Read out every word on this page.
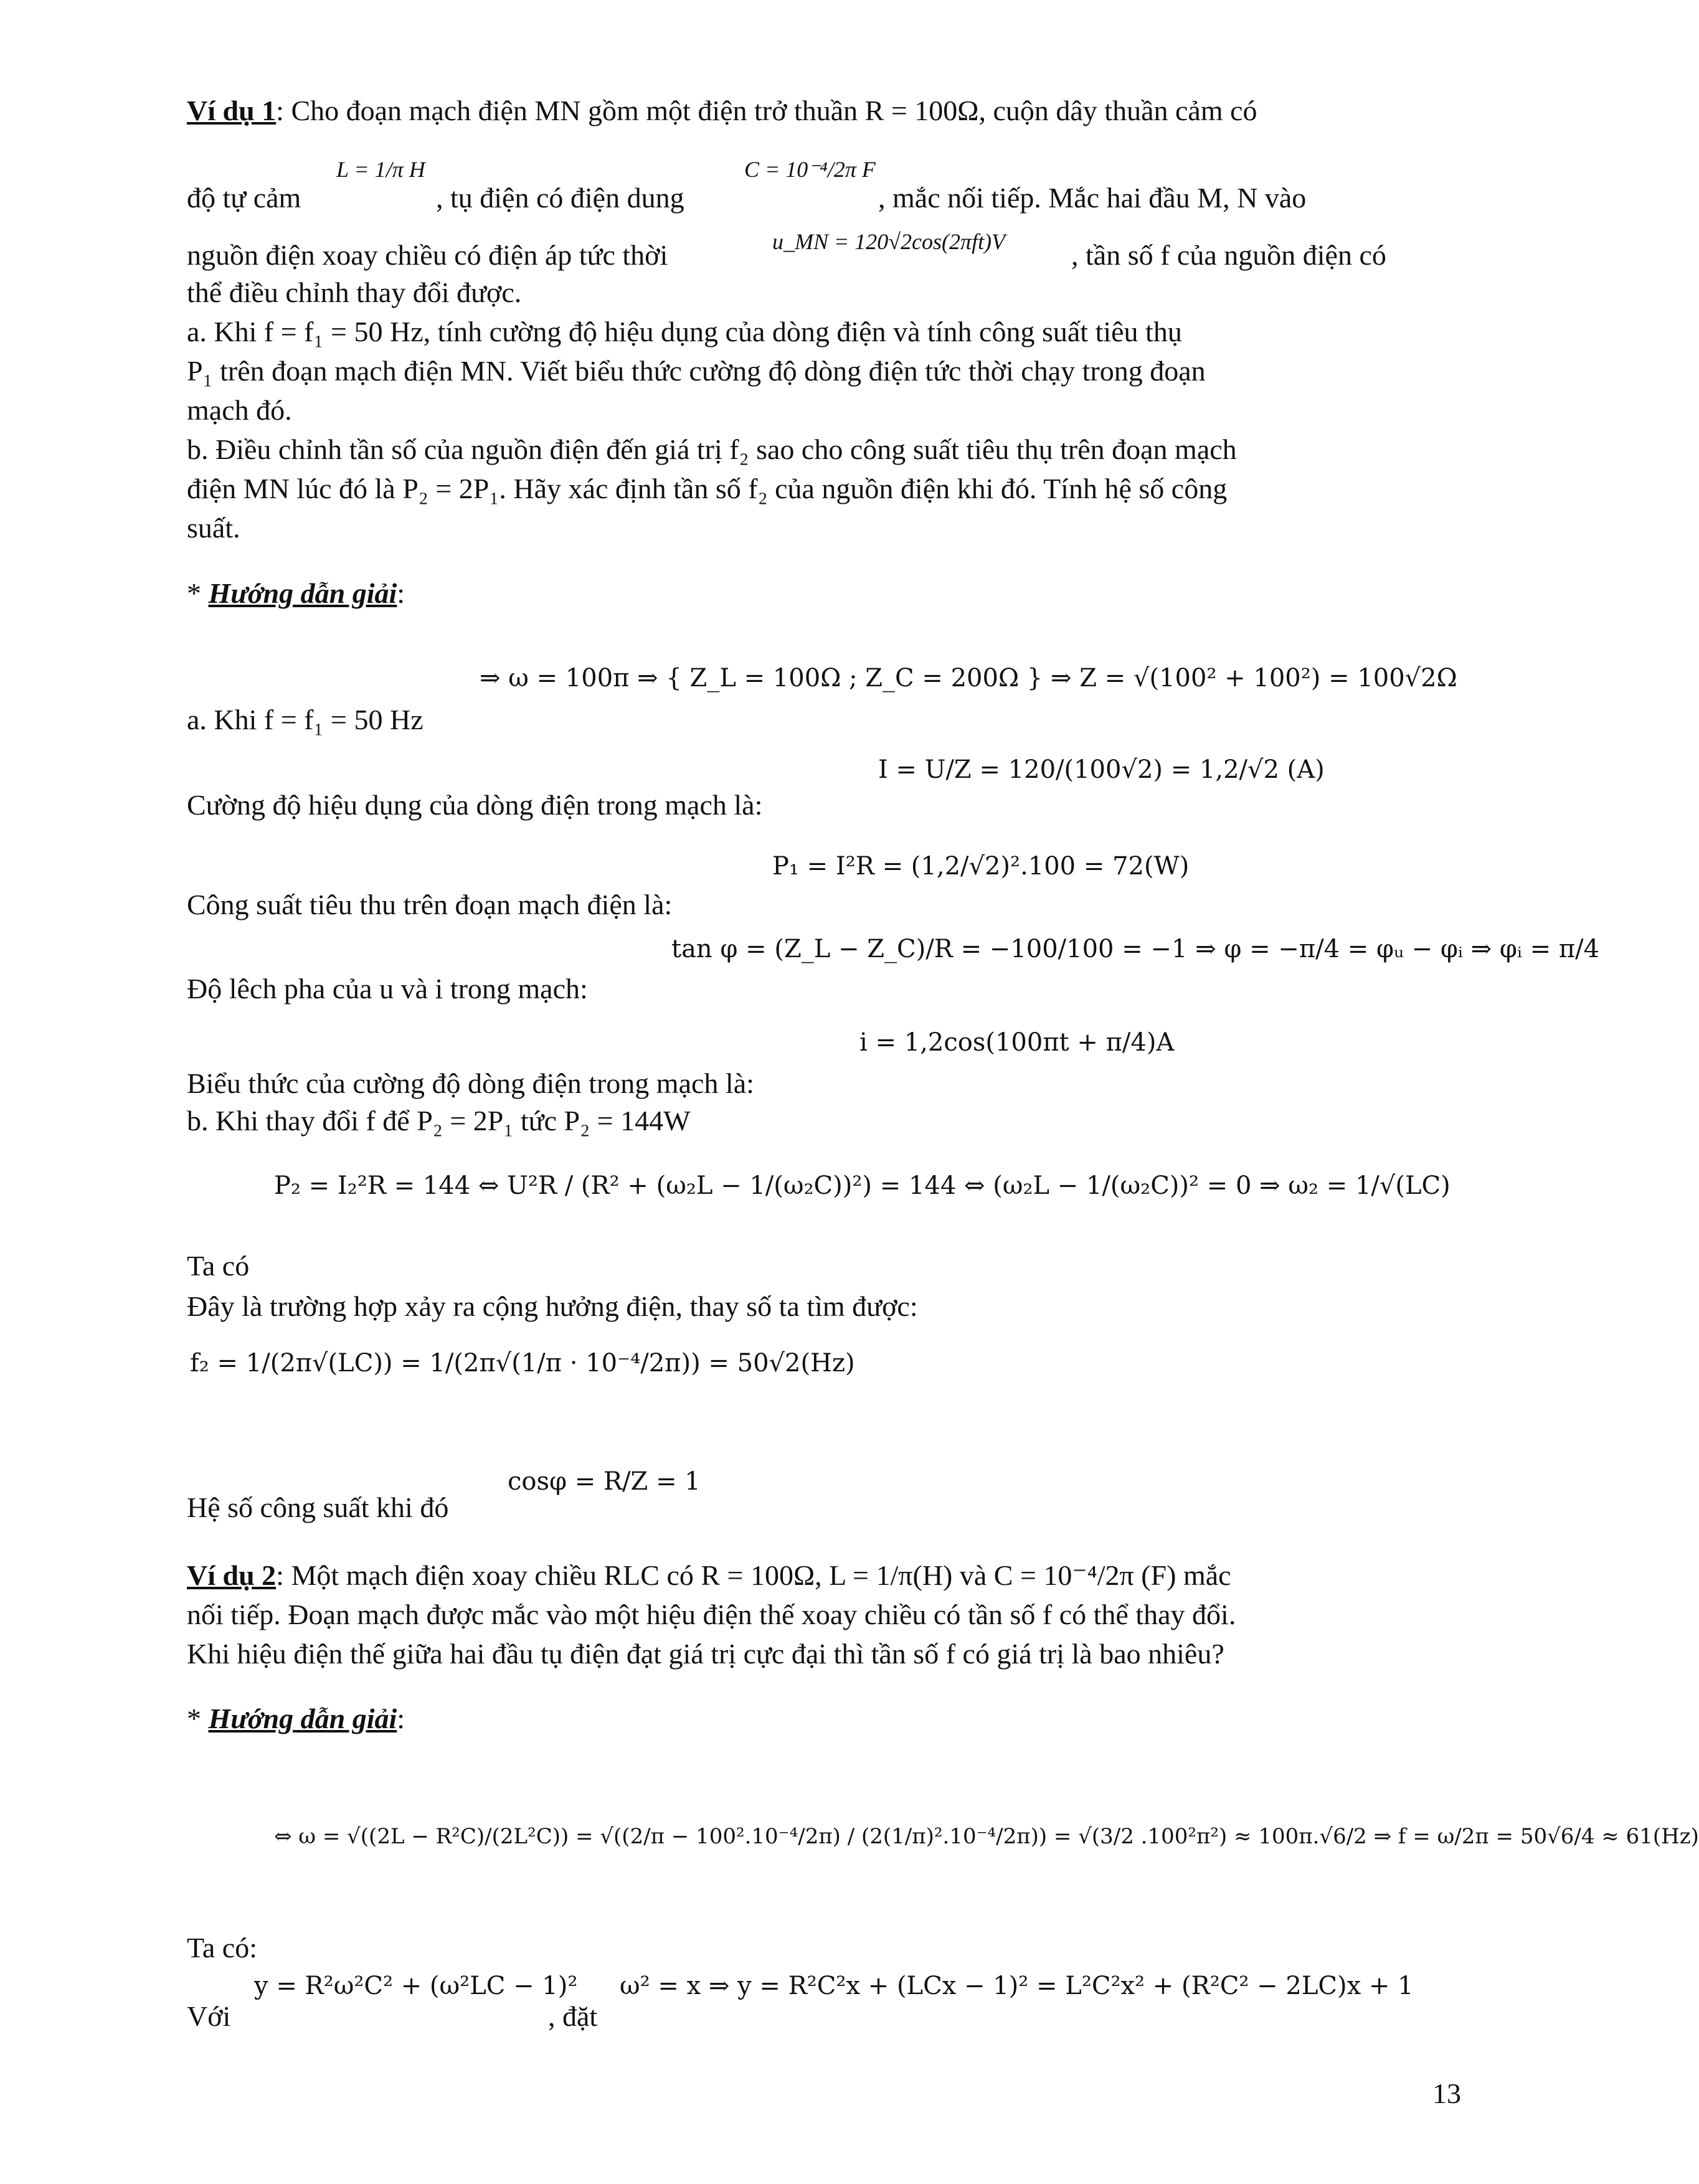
Ví dụ 1: Cho đoạn mạch điện MN gồm một điện trở thuần R = 100Ω, cuộn dây thuần cảm có
độ tự cảm
L = 1/π H
, tụ điện có điện dung
C = 10⁻⁴/2π F
, mắc nối tiếp. Mắc hai đầu M, N vào
nguồn điện xoay chiều có điện áp tức thời	u_MN = 120√2cos(2πft)V , tần số f của nguồn điện có
thể điều chỉnh thay đổi được.
a. Khi f = f₁ = 50 Hz, tính cường độ hiệu dụng của dòng điện và tính công suất tiêu thụ
P₁ trên đoạn mạch điện MN. Viết biểu thức cường độ dòng điện tức thời chạy trong đoạn
mạch đó.
b. Điều chỉnh tần số của nguồn điện đến giá trị f₂ sao cho công suất tiêu thụ trên đoạn mạch
điện MN lúc đó là P₂ = 2P₁. Hãy xác định tần số f₂ của nguồn điện khi đó. Tính hệ số công
suất.
* Hướng dẫn giải:
⇒ ω = 100π ⇒ { Z_L = 100Ω ; Z_C = 200Ω } ⇒ Z = √(100² + 100²) = 100√2Ω
a. Khi f = f₁ = 50 Hz
I = U/Z = 120/(100√2) = 1,2/√2 (A)
Cường độ hiệu dụng của dòng điện trong mạch là:
P₁ = I²R = (1,2/√2)².100 = 72(W)
Công suất tiêu thu trên đoạn mạch điện là:
tan φ = (Z_L − Z_C)/R = −100/100 = −1 ⇒ φ = −π/4 = φᵤ − φᵢ ⇒ φᵢ = π/4
Độ lêch pha của u và i trong mạch:
i = 1,2cos(100πt + π/4)A
Biểu thức của cường độ dòng điện trong mạch là:
b. Khi thay đổi f để P₂ = 2P₁ tức P₂ = 144W
P₂ = I₂²R = 144 ⇔ U²R / (R² + (ω₂L − 1/(ω₂C))²) = 144 ⇔ (ω₂L − 1/(ω₂C))² = 0 ⇒ ω₂ = 1/√(LC)
Ta có
Đây là trường hợp xảy ra cộng hưởng điện, thay số ta tìm được:
f₂ = 1/(2π√(LC)) = 1/(2π√(1/π · 10⁻⁴/2π)) = 50√2(Hz)
cosφ = R/Z = 1
Hệ số công suất khi đó
Ví dụ 2: Một mạch điện xoay chiều RLC có R = 100Ω, L = 1/π(H) và C = 10⁻⁴/2π (F) mắc
nối tiếp. Đoạn mạch được mắc vào một hiệu điện thế xoay chiều có tần số f có thể thay đổi.
Khi hiệu điện thế giữa hai đầu tụ điện đạt giá trị cực đại thì tần số f có giá trị là bao nhiêu?
* Hướng dẫn giải:
⇔ ω = √((2L − R²C)/(2L²C)) = √((2/π − 100².10⁻⁴/2π) / (2(1/π)².10⁻⁴/2π)) = √(3/2 .100²π²) ≈ 100π.√6/2 ⇒ f = ω/2π = 50√6/4 ≈ 61(Hz)
Ta có:
Với
y = R²ω²C² + (ω²LC − 1)²
, đặt
ω² = x ⇒ y = R²C²x + (LCx − 1)² = L²C²x² + (R²C² − 2LC)x + 1
13
